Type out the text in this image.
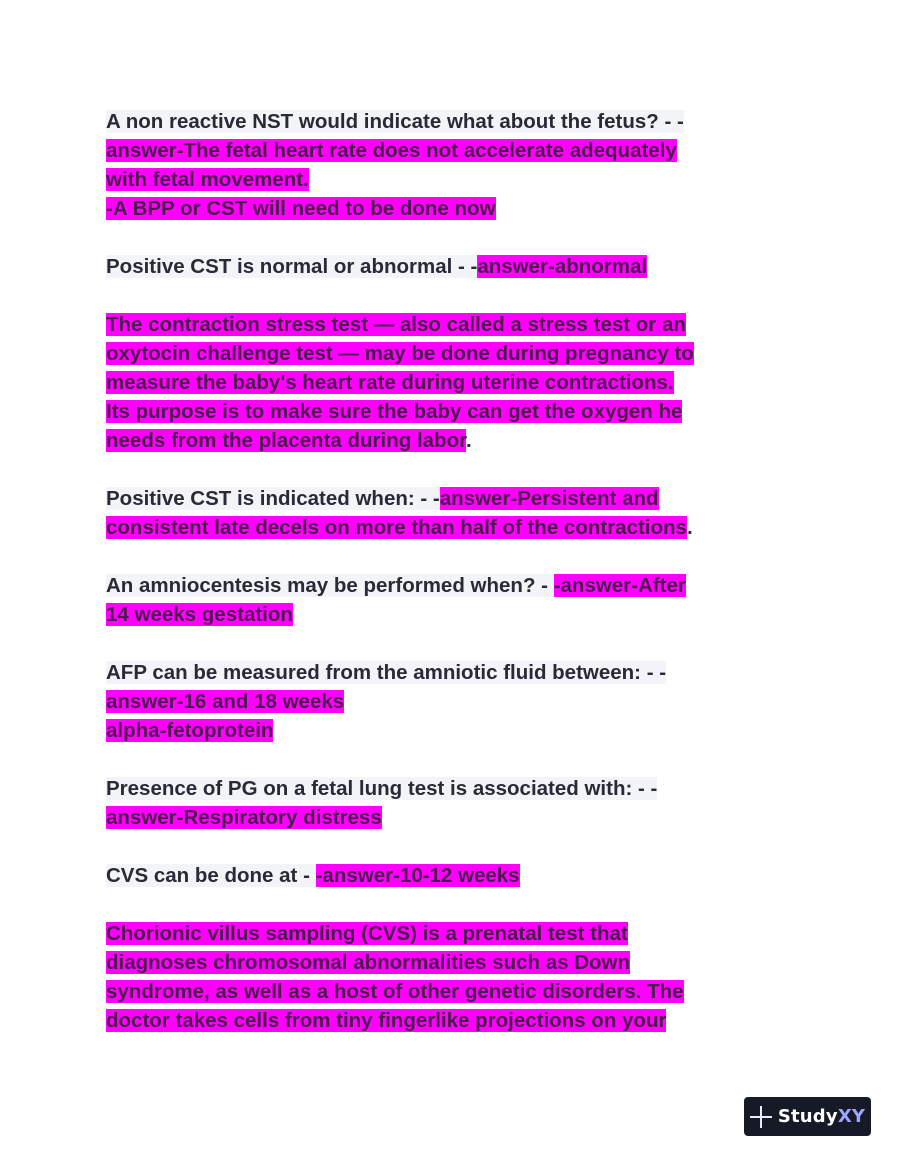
A non reactive NST would indicate what about the fetus? - -
answer-The fetal heart rate does not accelerate adequately
with fetal movement.
-A BPP or CST will need to be done now
Positive CST is normal or abnormal - -answer-abnormal
The contraction stress test — also called a stress test or an
oxytocin challenge test — may be done during pregnancy to
measure the baby's heart rate during uterine contractions.
Its purpose is to make sure the baby can get the oxygen he
needs from the placenta during labor.
Positive CST is indicated when: - -answer-Persistent and
consistent late decels on more than half of the contractions.
An amniocentesis may be performed when? - -answer-After
14 weeks gestation
AFP can be measured from the amniotic fluid between: - -
answer-16 and 18 weeks
alpha-fetoprotein
Presence of PG on a fetal lung test is associated with: - -
answer-Respiratory distress
CVS can be done at - -answer-10-12 weeks
Chorionic villus sampling (CVS) is a prenatal test that
diagnoses chromosomal abnormalities such as Down
syndrome, as well as a host of other genetic disorders. The
doctor takes cells from tiny fingerlike projections on your
StudyXY
